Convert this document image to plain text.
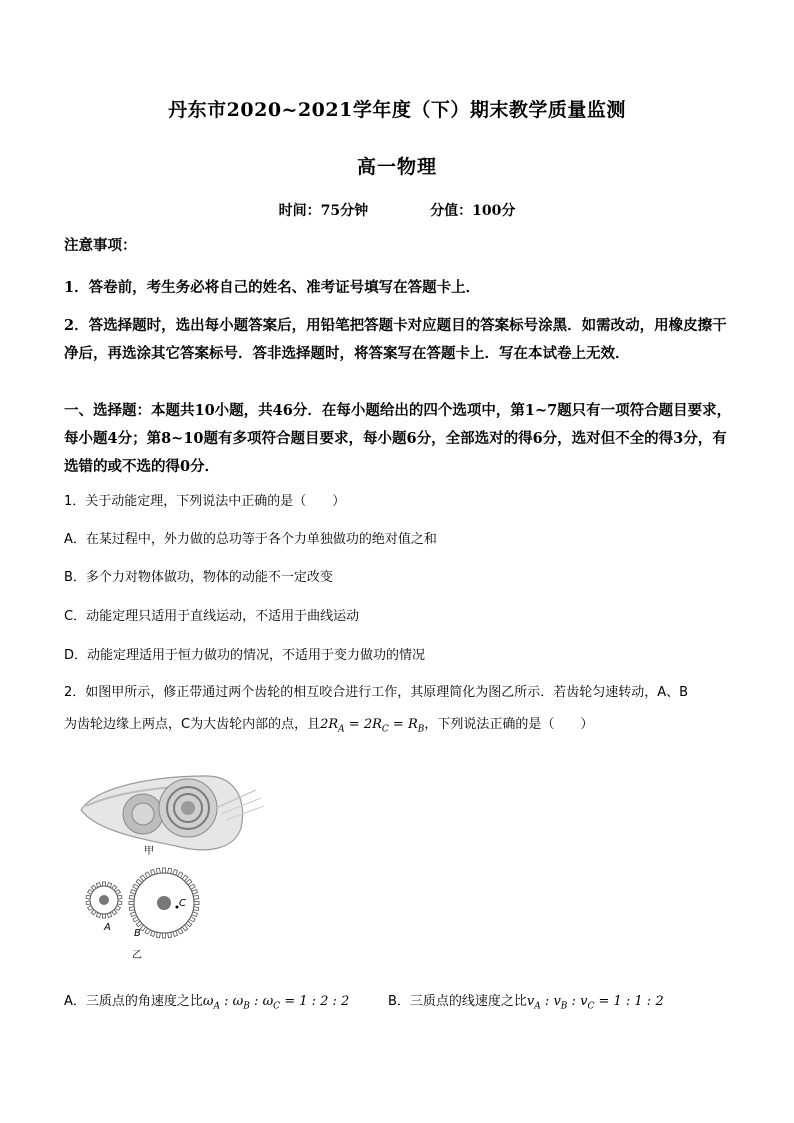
丹东市2020~2021学年度（下）期末教学质量监测
高一物理
时间：75分钟	分值：100分
注意事项：
1．答卷前，考生务必将自己的姓名、准考证号填写在答题卡上．
2．答选择题时，选出每小题答案后，用铅笔把答题卡对应题目的答案标号涂黑．如需改动，用橡皮擦干净后，再选涂其它答案标号．答非选择题时，将答案写在答题卡上．写在本试卷上无效．
一、选择题：本题共10小题，共46分．在每小题给出的四个选项中，第1~7题只有一项符合题目要求，每小题4分；第8~10题有多项符合题目要求，每小题6分，全部选对的得6分，选对但不全的得3分，有选错的或不选的得0分．
1．关于动能定理，下列说法中正确的是（　　）
A．在某过程中，外力做的总功等于各个力单独做功的绝对值之和
B．多个力对物体做功，物体的动能不一定改变
C．动能定理只适用于直线运动，不适用于曲线运动
D．动能定理适用于恒力做功的情况，不适用于变力做功的情况
2．如图甲所示，修正带通过两个齿轮的相互咬合进行工作，其原理简化为图乙所示．若齿轮匀速转动，A、B
为齿轮边缘上两点，C为大齿轮内部的点，且$2R_A = 2R_C = R_B$，下列说法正确的是（　　）
甲
乙
A
B
C
A．三质点的角速度之比$\omega_A$ : $\omega_B$ : $\omega_C = 1$ : 2 : 2	B．三质点的线速度之比$v_A$ : $v_B$ : $v_C = 1$ : 1 : 2
